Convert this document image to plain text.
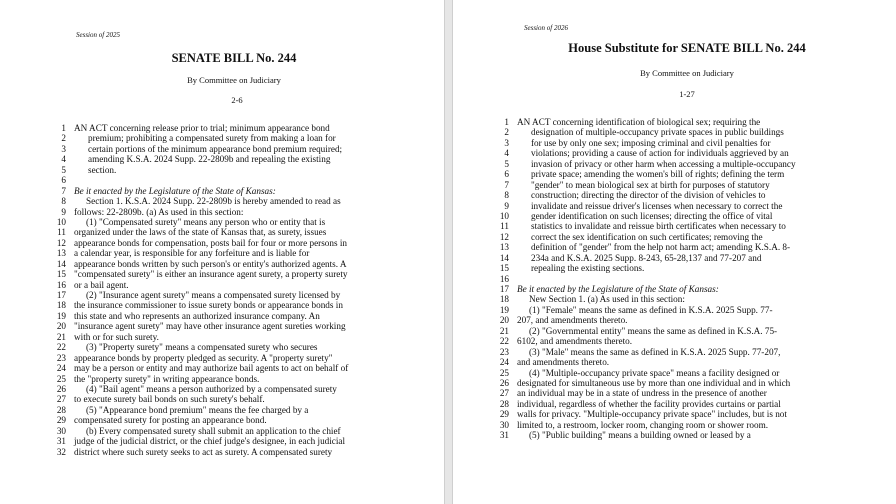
Session of 2025
SENATE BILL No. 244
By Committee on Judiciary
2-6
1 AN ACT concerning release prior to trial; minimum appearance bond
2 premium; prohibiting a compensated surety from making a loan for
3 certain portions of the minimum appearance bond premium required;
4 amending K.S.A. 2024 Supp. 22-2809b and repealing the existing
5 section.
6
7 Be it enacted by the Legislature of the State of Kansas:
8 Section 1. K.S.A. 2024 Supp. 22-2809b is hereby amended to read as
9 follows: 22-2809b. (a) As used in this section:
10 (1) "Compensated surety" means any person who or entity that is
11 organized under the laws of the state of Kansas that, as surety, issues
12 appearance bonds for compensation, posts bail for four or more persons in
13 a calendar year, is responsible for any forfeiture and is liable for
14 appearance bonds written by such person's or entity's authorized agents. A
15 "compensated surety" is either an insurance agent surety, a property surety
16 or a bail agent.
17 (2) "Insurance agent surety" means a compensated surety licensed by
18 the insurance commissioner to issue surety bonds or appearance bonds in
19 this state and who represents an authorized insurance company. An
20 "insurance agent surety" may have other insurance agent sureties working
21 with or for such surety.
22 (3) "Property surety" means a compensated surety who secures
23 appearance bonds by property pledged as security. A "property surety"
24 may be a person or entity and may authorize bail agents to act on behalf of
25 the "property surety" in writing appearance bonds.
26 (4) "Bail agent" means a person authorized by a compensated surety
27 to execute surety bail bonds on such surety's behalf.
28 (5) "Appearance bond premium" means the fee charged by a
29 compensated surety for posting an appearance bond.
30 (b) Every compensated surety shall submit an application to the chief
31 judge of the judicial district, or the chief judge's designee, in each judicial
32 district where such surety seeks to act as surety. A compensated surety
Session of 2026
House Substitute for SENATE BILL No. 244
By Committee on Judiciary
1-27
1 AN ACT concerning identification of biological sex; requiring the
2 designation of multiple-occupancy private spaces in public buildings
3 for use by only one sex; imposing criminal and civil penalties for
4 violations; providing a cause of action for individuals aggrieved by an
5 invasion of privacy or other harm when accessing a multiple-occupancy
6 private space; amending the women's bill of rights; defining the term
7 "gender" to mean biological sex at birth for purposes of statutory
8 construction; directing the director of the division of vehicles to
9 invalidate and reissue driver's licenses when necessary to correct the
10 gender identification on such licenses; directing the office of vital
11 statistics to invalidate and reissue birth certificates when necessary to
12 correct the sex identification on such certificates; removing the
13 definition of "gender" from the help not harm act; amending K.S.A. 8-
14 234a and K.S.A. 2025 Supp. 8-243, 65-28,137 and 77-207 and
15 repealing the existing sections.
16
17 Be it enacted by the Legislature of the State of Kansas:
18 New Section 1. (a) As used in this section:
19 (1) "Female" means the same as defined in K.S.A. 2025 Supp. 77-
20 207, and amendments thereto.
21 (2) "Governmental entity" means the same as defined in K.S.A. 75-
22 6102, and amendments thereto.
23 (3) "Male" means the same as defined in K.S.A. 2025 Supp. 77-207,
24 and amendments thereto.
25 (4) "Multiple-occupancy private space" means a facility designed or
26 designated for simultaneous use by more than one individual and in which
27 an individual may be in a state of undress in the presence of another
28 individual, regardless of whether the facility provides curtains or partial
29 walls for privacy. "Multiple-occupancy private space" includes, but is not
30 limited to, a restroom, locker room, changing room or shower room.
31 (5) "Public building" means a building owned or leased by a
